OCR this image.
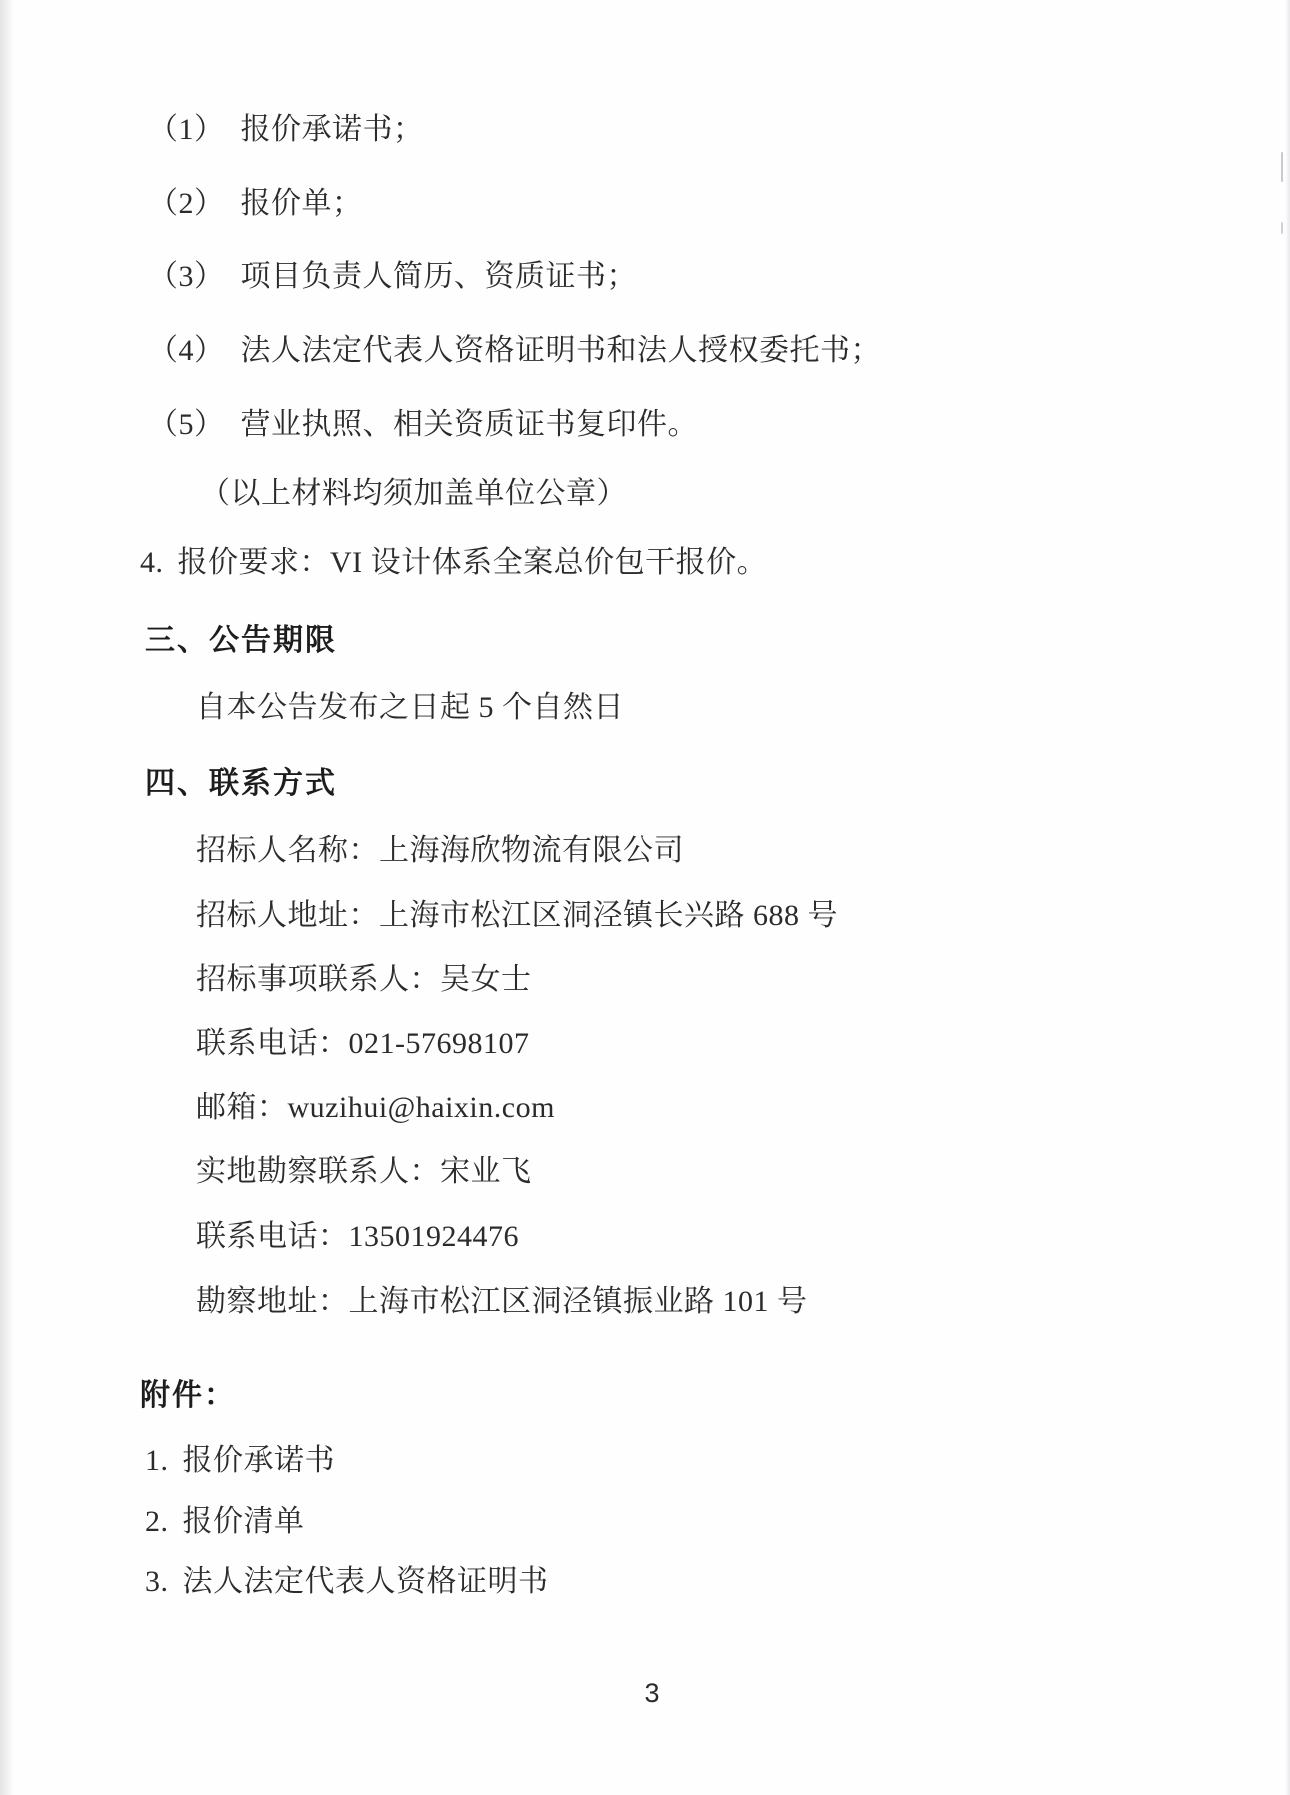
（1） 报价承诺书；
（2） 报价单；
（3） 项目负责人简历、资质证书；
（4） 法人法定代表人资格证明书和法人授权委托书；
（5） 营业执照、相关资质证书复印件。
（以上材料均须加盖单位公章）
4. 报价要求：VI 设计体系全案总价包干报价。
三、公告期限
自本公告发布之日起 5 个自然日
四、联系方式
招标人名称：上海海欣物流有限公司
招标人地址：上海市松江区洞泾镇长兴路 688 号
招标事项联系人：吴女士
联系电话：021-57698107
邮箱：wuzihui@haixin.com
实地勘察联系人：宋业飞
联系电话：13501924476
勘察地址：上海市松江区洞泾镇振业路 101 号
附件：
1. 报价承诺书
2. 报价清单
3. 法人法定代表人资格证明书
3
